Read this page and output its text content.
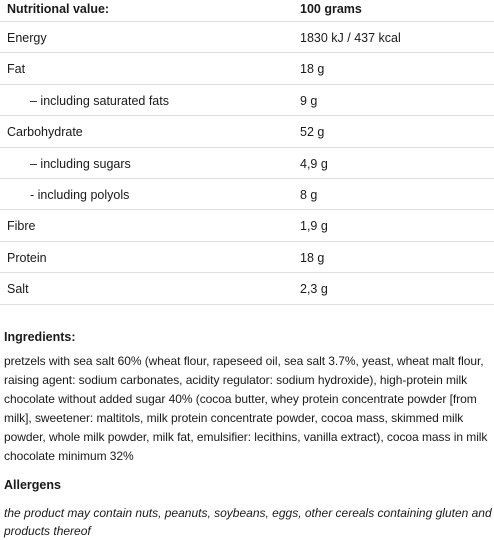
Nutritional value:	100 grams
Energy	1830 kJ / 437 kcal
Fat	18 g
– including saturated fats	9 g
Carbohydrate	52 g
– including sugars	4,9 g
- including polyols	8 g
Fibre	1,9 g
Protein	18 g
Salt	2,3 g
Ingredients:

pretzels with sea salt 60% (wheat flour, rapeseed oil, sea salt 3.7%, yeast, wheat malt flour, raising agent: sodium carbonates, acidity regulator: sodium hydroxide), high-protein milk chocolate without added sugar 40% (cocoa butter, whey protein concentrate powder [from milk], sweetener: maltitols, milk protein concentrate powder, cocoa mass, skimmed milk powder, whole milk powder, milk fat, emulsifier: lecithins, vanilla extract), cocoa mass in milk chocolate minimum 32%

Allergens

the product may contain nuts, peanuts, soybeans, eggs, other cereals containing gluten and products thereof
